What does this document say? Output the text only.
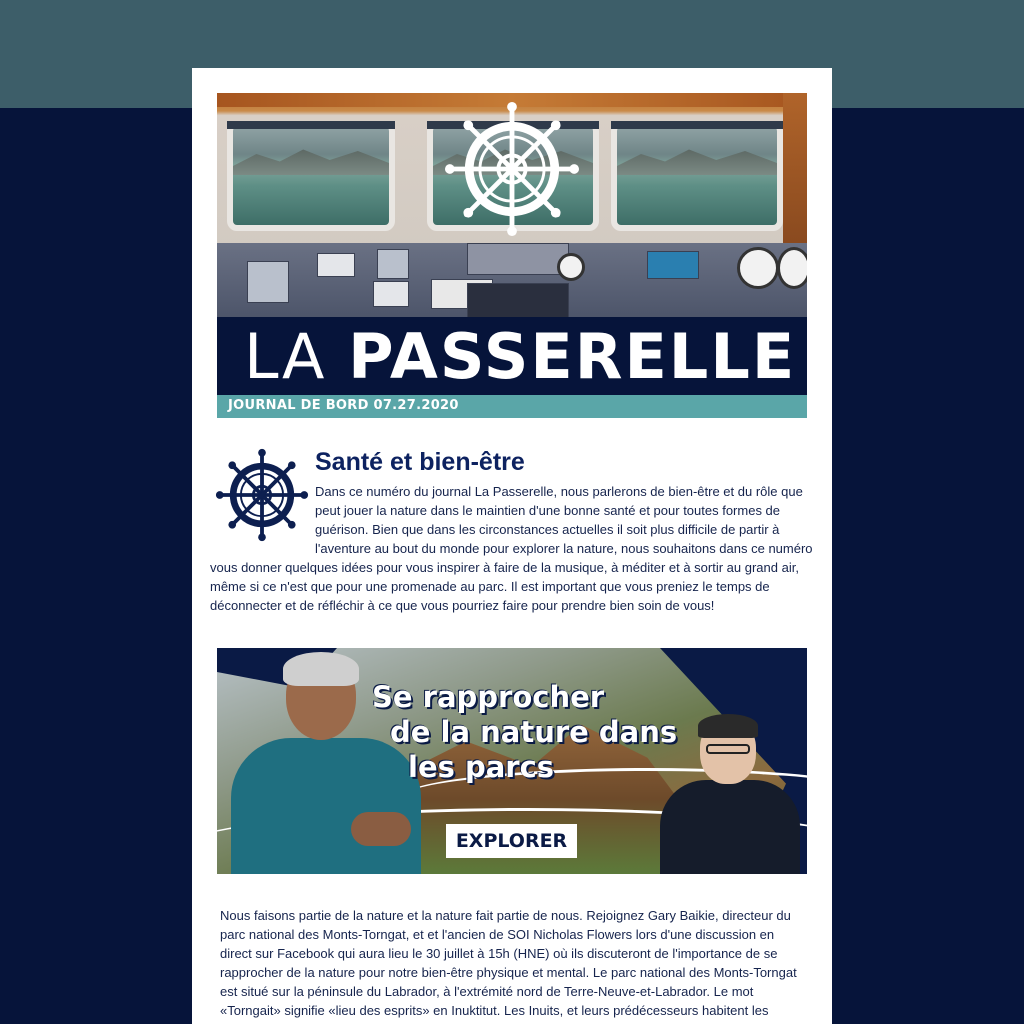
LA PASSERELLE
JOURNAL DE BORD 07.27.2020
Santé et bien-être

Dans ce numéro du journal La Passerelle, nous parlerons de bien-être et du rôle que peut jouer la nature dans le maintien d'une bonne santé et pour toutes formes de guérison. Bien que dans les circonstances actuelles il soit plus difficile de partir à l'aventure au bout du monde pour explorer la nature, nous souhaitons dans ce numéro vous donner quelques idées pour vous inspirer à faire de la musique, à méditer et à sortir au grand air, même si ce n'est que pour une promenade au parc. Il est important que vous preniez le temps de déconnecter et de réfléchir à ce que vous pourriez faire pour prendre bien soin de vous!

Se rapprocher
de la nature dans
les parcs
EXPLORER

Nous faisons partie de la nature et la nature fait partie de nous. Rejoignez Gary Baikie, directeur du parc national des Monts-Torngat, et et l'ancien de SOI Nicholas Flowers lors d'une discussion en direct sur Facebook qui aura lieu le 30 juillet à 15h (HNE) où ils discuteront de l'importance de se rapprocher de la nature pour notre bien-être physique et mental. Le parc national des Monts-Torngat est situé sur la péninsule du Labrador, à l'extrémité nord de Terre-Neuve-et-Labrador. Le mot «Torngait» signifie «lieu des esprits» en Inuktitut. Les Inuits, et leurs prédécesseurs habitent les
